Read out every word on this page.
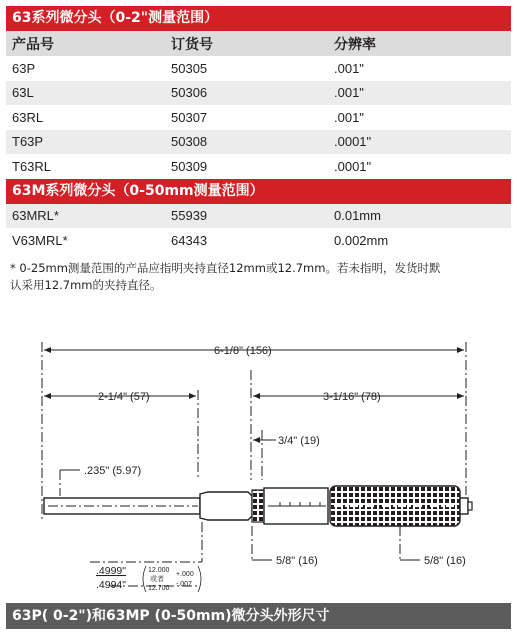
63系列微分头（0-2"测量范围）
产品号	订货号	分辨率
63P	50305	.001"
63L	50306	.001"
63RL	50307	.001"
T63P	50308	.0001"
T63RL	50309	.0001"
63M系列微分头（0-50mm测量范围）
63MRL*	55939	0.01mm
V63MRL*	64343	0.002mm
* 0-25mm测量范围的产品应指明夹持直径12mm或12.7mm。若未指明，发货时默
认采用12.7mm的夹持直径。
6-1/8" (156)
2-1/4" (57)	3-1/16" (78)
3/4" (19)
.235" (5.97)
5/8" (16)	5/8" (16)
.4999"
.4994"
12.000
或者
12.700
+.000
-.007
63P( 0-2")和63MP (0-50mm)微分头外形尺寸
